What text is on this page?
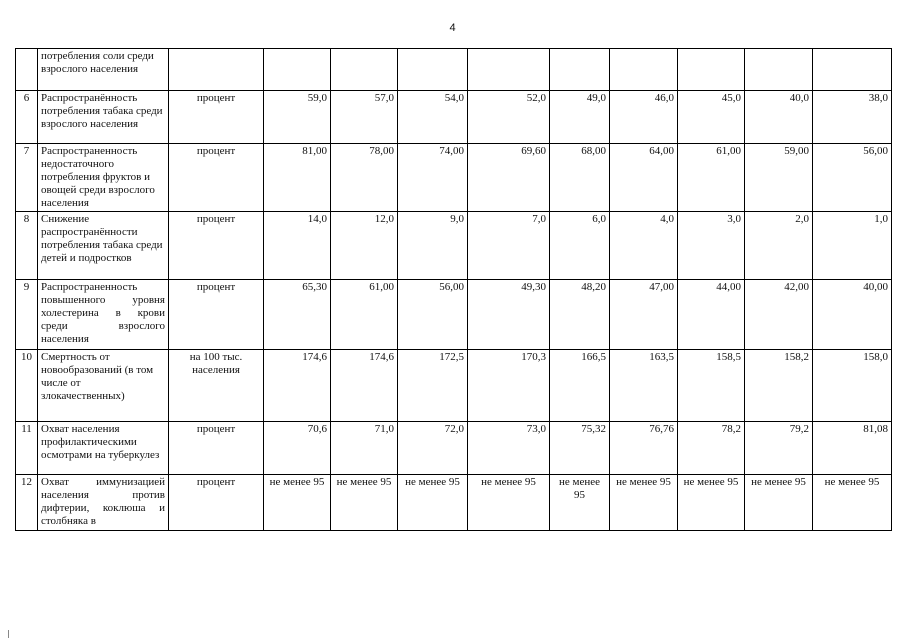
4
	потребления соли среди взрослого населения										
6	Распространённость потребления табака среди взрослого населения	процент	59,0	57,0	54,0	52,0	49,0	46,0	45,0	40,0	38,0
7	Распространенность недостаточного потребления фруктов и овощей среди взрослого населения	процент	81,00	78,00	74,00	69,60	68,00	64,00	61,00	59,00	56,00
8	Снижение распространённости потребления табака среди детей и подростков	процент	14,0	12,0	9,0	7,0	6,0	4,0	3,0	2,0	1,0
9	Распространенность повышенного уровня холестерина в крови среди взрослого населения	процент	65,30	61,00	56,00	49,30	48,20	47,00	44,00	42,00	40,00
10	Смертность от новообразований (в том числе от злокачественных)	на 100 тыс. населения	174,6	174,6	172,5	170,3	166,5	163,5	158,5	158,2	158,0
11	Охват населения профилактическими осмотрами на туберкулез	процент	70,6	71,0	72,0	73,0	75,32	76,76	78,2	79,2	81,08
12	Охват иммунизацией населения против дифтерии, коклюша и столбняка в	процент	не менее 95	не менее 95	не менее 95	не менее 95	не менее 95	не менее 95	не менее 95	не менее 95	не менее 95
